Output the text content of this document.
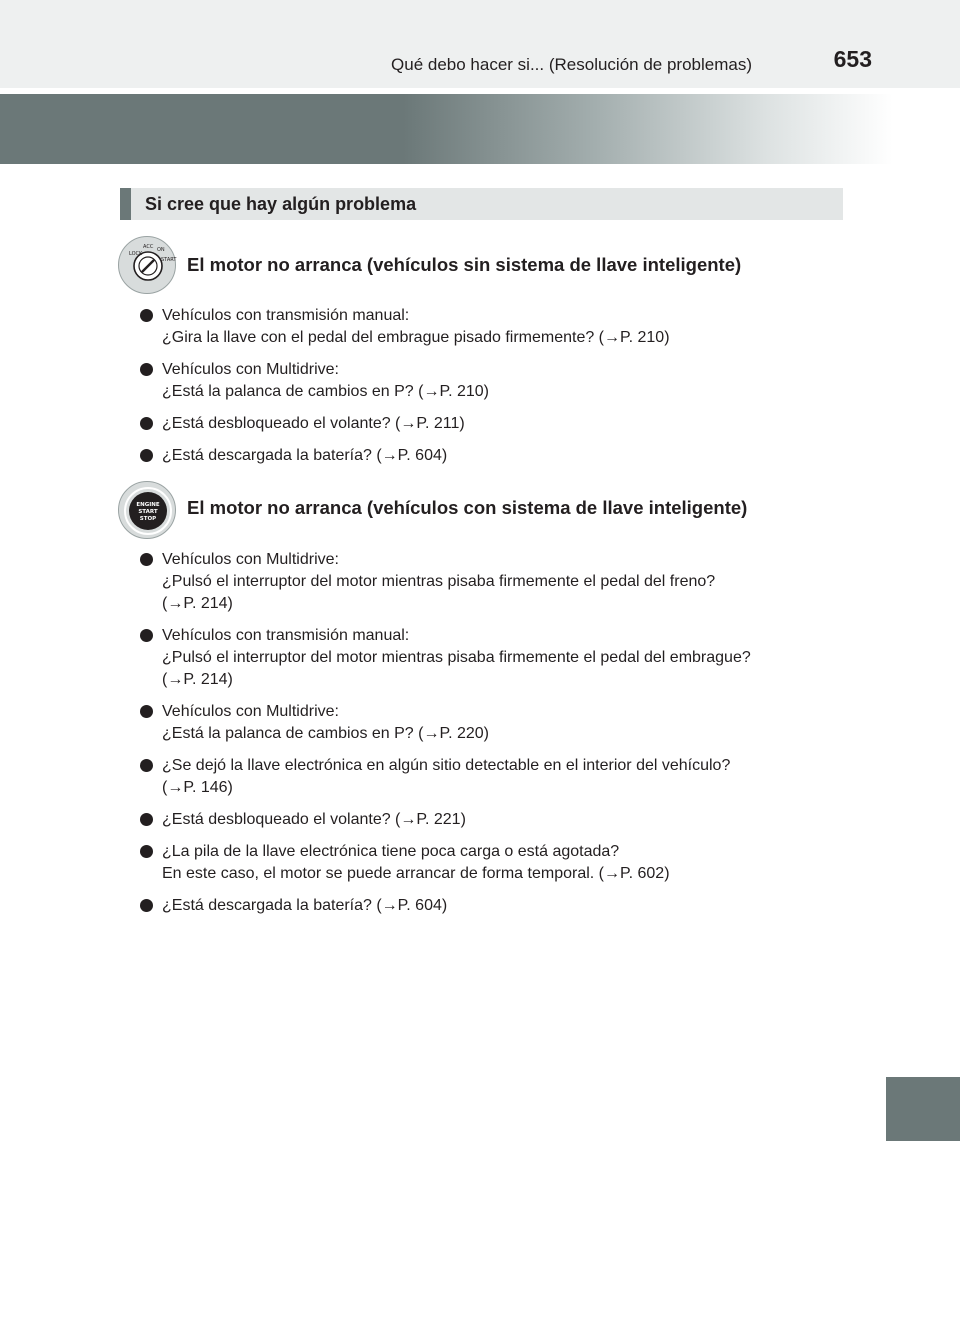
Qué debo hacer si... (Resolución de problemas)	653
Si cree que hay algún problema
LOCK
ACC ON
START El motor no arranca (vehículos sin sistema de llave inteligente)

Vehículos con transmisión manual:

¿Gira la llave con el pedal del embrague pisado firmemente? (→P. 210)

Vehículos con Multidrive:

¿Está la palanca de cambios en P? (→P. 210)

¿Está desbloqueado el volante? (→P. 211)

¿Está descargada la batería? (→P. 604)

ENGINE
START
STOP
El motor no arranca (vehículos con sistema de llave inteligente)

Vehículos con Multidrive:

¿Pulsó el interruptor del motor mientras pisaba firmemente el pedal del freno?

(→P. 214)

Vehículos con transmisión manual:

¿Pulsó el interruptor del motor mientras pisaba firmemente el pedal del embrague?

(→P. 214)

Vehículos con Multidrive:

¿Está la palanca de cambios en P? (→P. 220)

¿Se dejó la llave electrónica en algún sitio detectable en el interior del vehículo?

(→P. 146)

¿Está desbloqueado el volante? (→P. 221)

¿La pila de la llave electrónica tiene poca carga o está agotada?

En este caso, el motor se puede arrancar de forma temporal. (→P. 602)

¿Está descargada la batería? (→P. 604)
